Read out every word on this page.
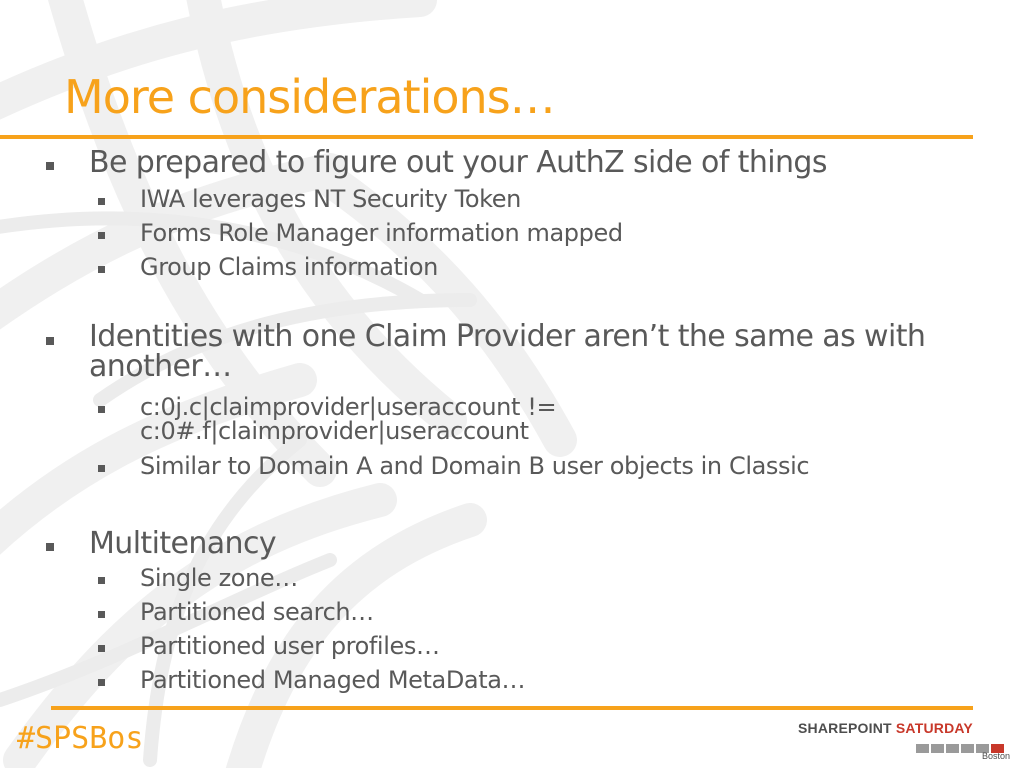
More considerations…
Be prepared to figure out your AuthZ side of things
IWA leverages NT Security Token
Forms Role Manager information mapped
Group Claims information
Identities with one Claim Provider aren’t the same as with
another…
c:0j.c|claimprovider|useraccount !=
c:0#.f|claimprovider|useraccount
Similar to Domain A and Domain B user objects in Classic
Multitenancy
Single zone…
Partitioned search…
Partitioned user profiles…
Partitioned Managed MetaData…
#SPSBos	SHAREPOINT SATURDAY
Boston
